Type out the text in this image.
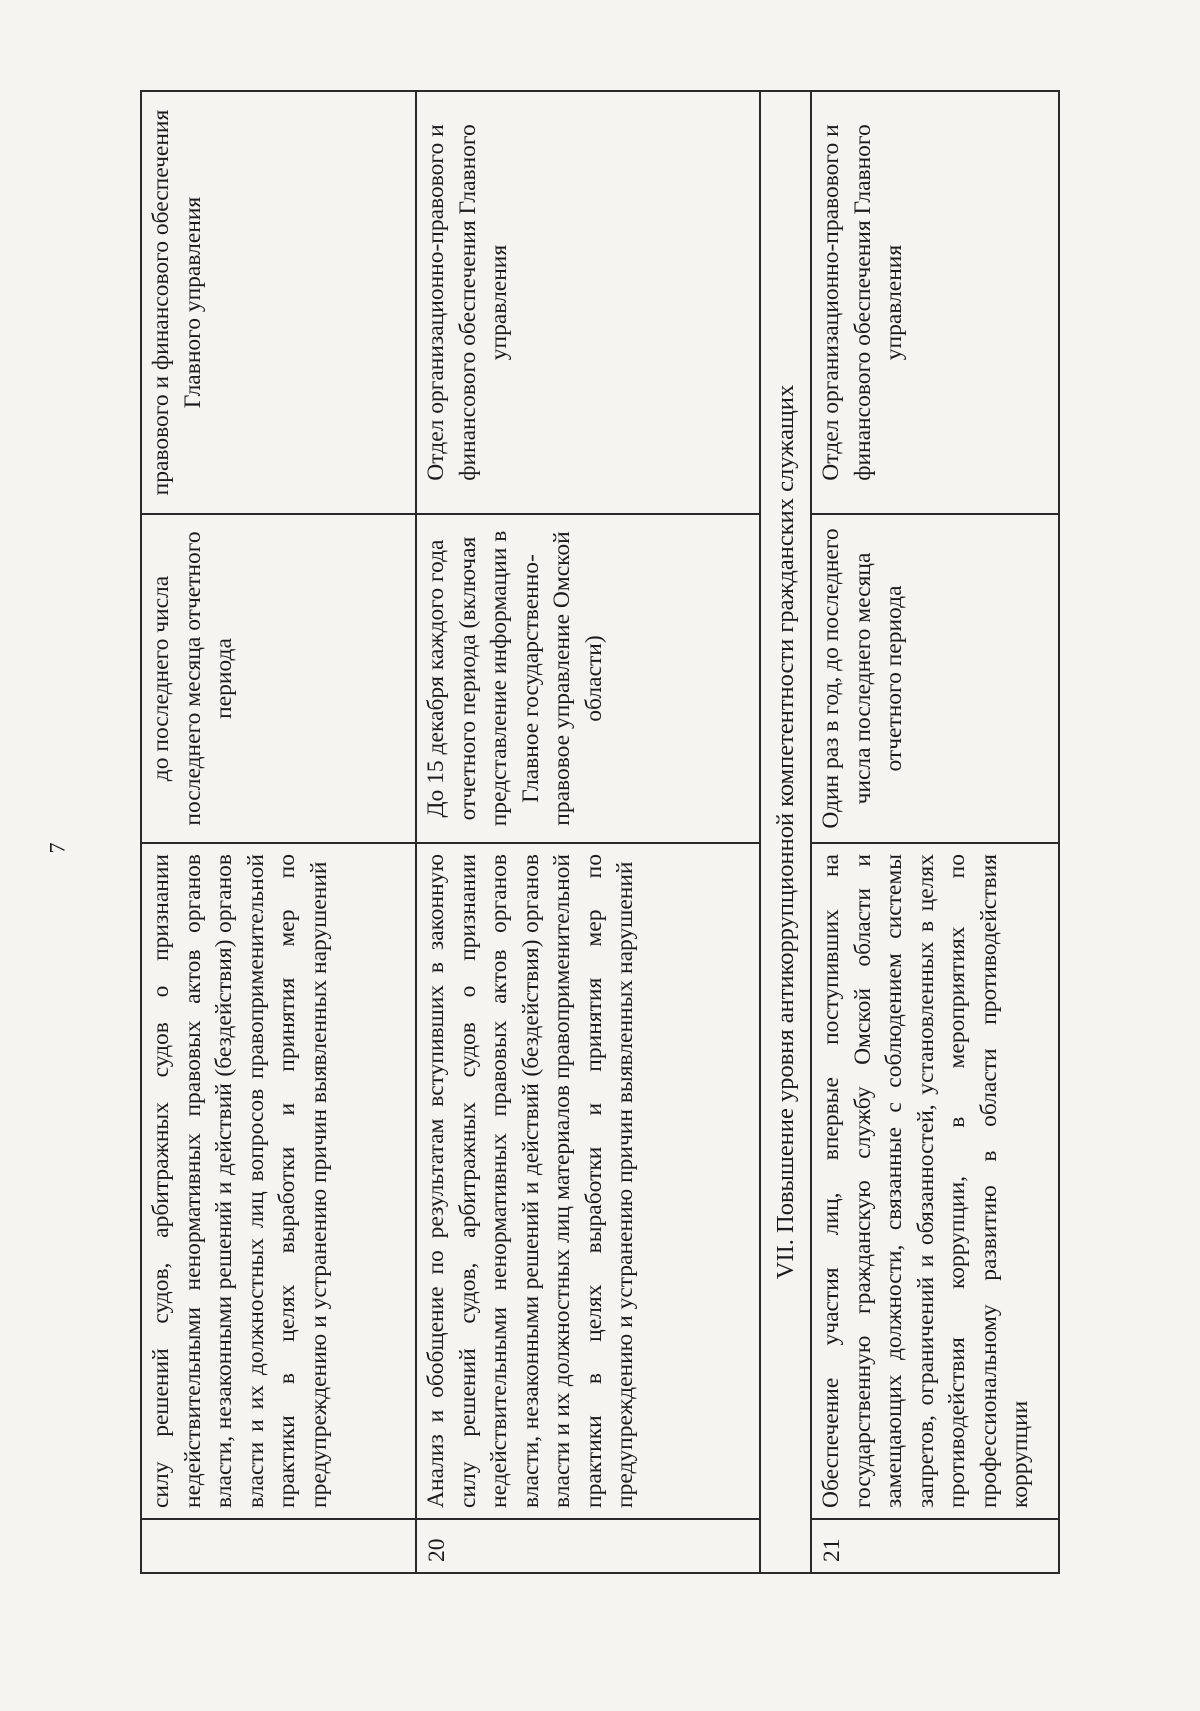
7
	силу решений судов, арбитражных судов о признании недействительными ненормативных правовых актов органов власти, незаконными решений и действий (бездействия) органов власти и их должностных лиц вопросов правоприменительной практики в целях выработки и принятия мер по предупреждению и устранению причин выявленных нарушений	до последнего числа последнего месяца отчетного периода	правового и финансового обеспечения Главного управления
20	Анализ и обобщение по результатам вступивших в законную силу решений судов, арбитражных судов о признании недействительными ненормативных правовых актов органов власти, незаконными решений и действий (бездействия) органов власти и их должностных лиц материалов правоприменительной практики в целях выработки и принятия мер по предупреждению и устранению причин выявленных нарушений	До 15 декабря каждого года отчетного периода (включая представление информации в Главное государственно-правовое управление Омской области)	Отдел организационно-правового и финансового обеспечения Главного управления
VII. Повышение уровня антикоррупционной компетентности гражданских служащих			
21	Обеспечение участия лиц, впервые поступивших на государственную гражданскую службу Омской области и замещающих должности, связанные с соблюдением системы запретов, ограничений и обязанностей, установленных в целях противодействия коррупции, в мероприятиях по профессиональному развитию в области противодействия коррупции	Один раз в год, до последнего числа последнего месяца отчетного периода	Отдел организационно-правового и финансового обеспечения Главного управления
